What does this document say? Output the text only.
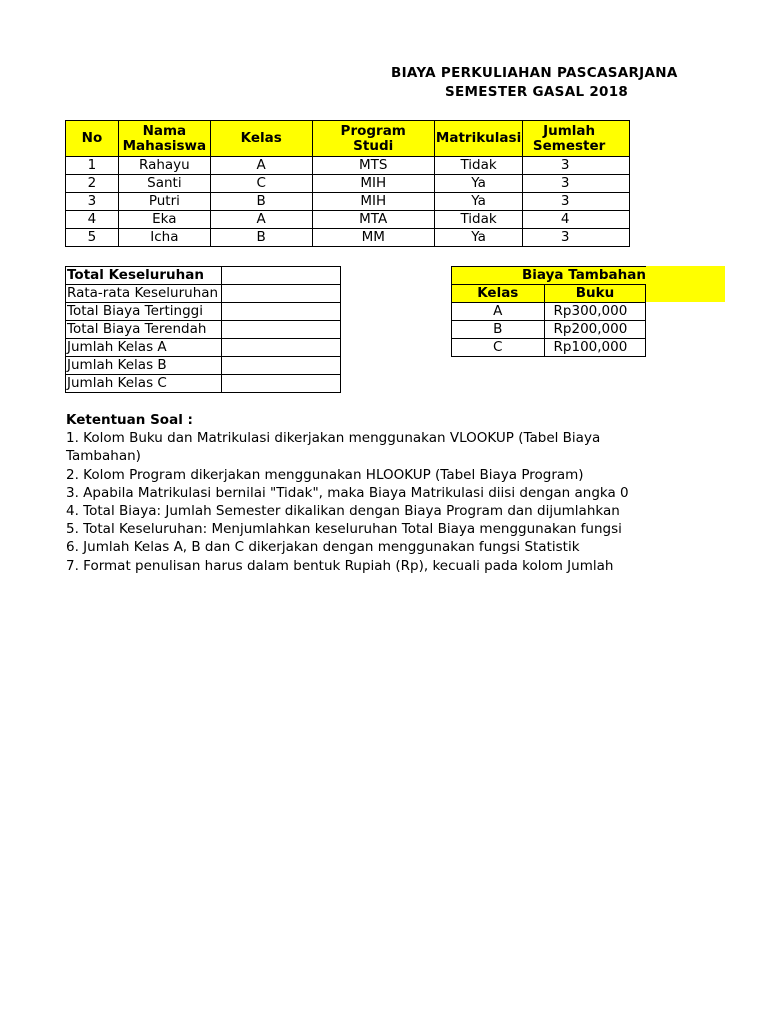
BIAYA PERKULIAHAN PASCASARJANA
SEMESTER GASAL 2018
No	Nama Mahasiswa	Kelas	Program Studi	Matrikulasi	Jumlah Semester
1	Rahayu	A	MTS	Tidak	3
2	Santi	C	MIH	Ya	3
3	Putri	B	MIH	Ya	3
4	Eka	A	MTA	Tidak	4
5	Icha	B	MM	Ya	3
Total Keseluruhan	
Rata-rata Keseluruhan	
Total Biaya Tertinggi	
Total Biaya Terendah	
Jumlah Kelas A	
Jumlah Kelas B	
Jumlah Kelas C	
Biaya Tambahan	
Kelas	Buku
A	Rp300,000
B	Rp200,000
C	Rp100,000
Ketentuan Soal :
1. Kolom Buku dan Matrikulasi dikerjakan menggunakan VLOOKUP (Tabel Biaya Tambahan)
2. Kolom Program dikerjakan menggunakan HLOOKUP (Tabel Biaya Program)
3. Apabila Matrikulasi bernilai "Tidak", maka Biaya Matrikulasi diisi dengan angka 0
4. Total Biaya: Jumlah Semester dikalikan dengan Biaya Program dan dijumlahkan
5. Total Keseluruhan: Menjumlahkan keseluruhan Total Biaya menggunakan fungsi
6. Jumlah Kelas A, B dan C dikerjakan dengan menggunakan fungsi Statistik
7. Format penulisan harus dalam bentuk Rupiah (Rp), kecuali pada kolom Jumlah
